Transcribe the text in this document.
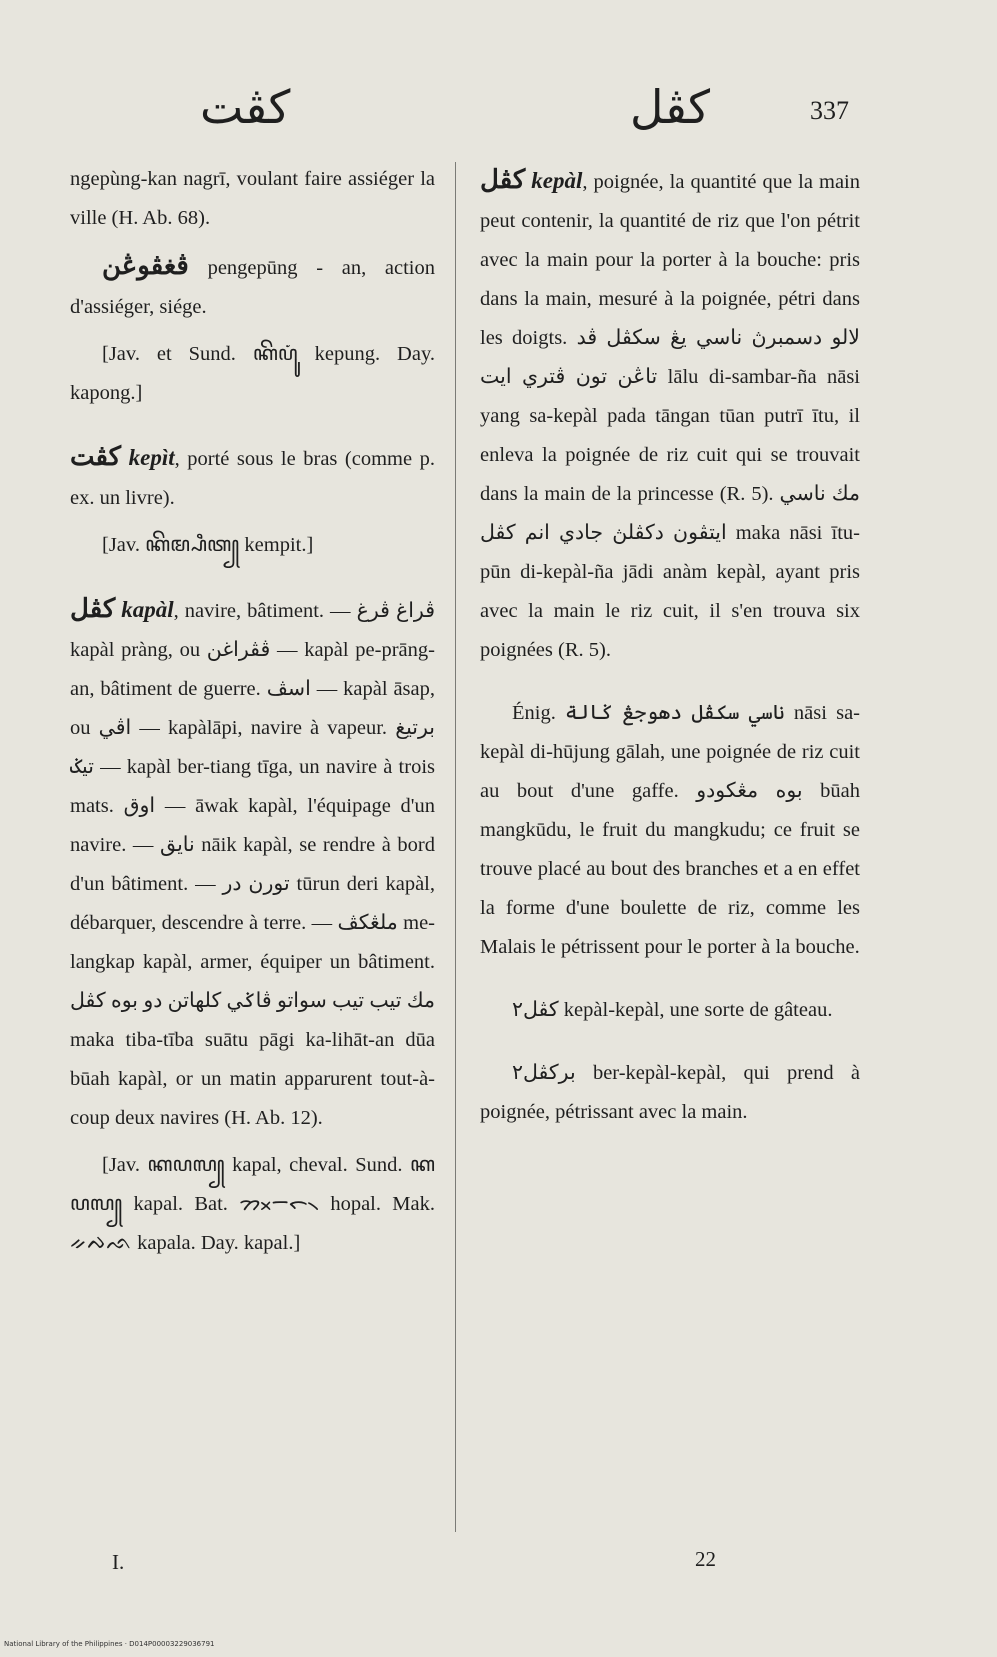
كڤت	كڤل	337

ngepùng-kan nagrī, voulant faire assiéger la ville (H. Ab. 68).

ڤغڤوڠن pengepūng - an, action d'assiéger, siége.

[Jav. et Sund. ꦏꦼꦥꦸꦁ kepung. Day. kapong.]

كڤت kepìt, porté sous le bras (comme p. ex. un livre).

[Jav. ꦏꦼꦩ꧀ꦥꦶꦠ꧀ kempit.]

كڤل kapàl, navire, bâtiment. — ڤراغ ڤرغ kapàl pràng, ou ڤڤراغن — kapàl pe-prāng-an, bâtiment de guerre. اسڤ — kapàl āsap, ou اڤي — kapàlāpi, navire à vapeur. برتيغ تيݢ — kapàl ber-tiang tīga, un navire à trois mats. اوق — āwak kapàl, l'équipage d'un navire. — نايق nāik kapàl, se rendre à bord d'un bâtiment. — تورن در tūrun deri kapàl, débarquer, descendre à terre. — ملڠكڤ me-langkap kapàl, armer, équiper un bâtiment. مك تيب تيب سواتو ڤاݢي كلهاتن دو بوه كڤل maka tiba-tība suātu pāgi ka-lihāt-an dūa būah kapàl, or un matin apparurent tout-à-coup deux navires (H. Ab. 12).

[Jav. ꦏꦥꦭ꧀ kapal, cheval. Sund. ꦏꦥꦭ꧀ kapal. Bat. ᯂᯬᯇᯞ᯲ hopal. Mak. ᨀᨄᨒ kapala. Day. kapal.]

كڤل kepàl, poignée, la quantité que la main peut contenir, la quantité de riz que l'on pétrit avec la main pour la porter à la bouche: pris dans la main, mesuré à la poignée, pétri dans les doigts. لالو دسمبرڽ ناسي يڠ سكڤل ڤد تاڠن تون ڤتري ايت lālu di-sambar-ña nāsi yang sa-kepàl pada tāngan tūan putrī ītu, il enleva la poignée de riz cuit qui se trouvait dans la main de la princesse (R. 5). مك ناسي ايتڤون دكڤلڽ جادي انم كڤل maka nāsi ītu-pūn di-kepàl-ña jādi anàm kepàl, ayant pris avec la main le riz cuit, il s'en trouva six poignées (R. 5).

Énig. ناسي سكڤل دهوجڠ ݢالة nāsi sa-kepàl di-hūjung gālah, une poignée de riz cuit au bout d'une gaffe. بوه مڠكودو būah mangkūdu, le fruit du mangkudu; ce fruit se trouve placé au bout des branches et a en effet la forme d'une boulette de riz, comme les Malais le pétrissent pour le porter à la bouche.

كڤل٢ kepàl-kepàl, une sorte de gâteau.

بركڤل٢ ber-kepàl-kepàl, qui prend à poignée, pétrissant avec la main.

I.	22
National Library of the Philippines · D014P00003229036791
